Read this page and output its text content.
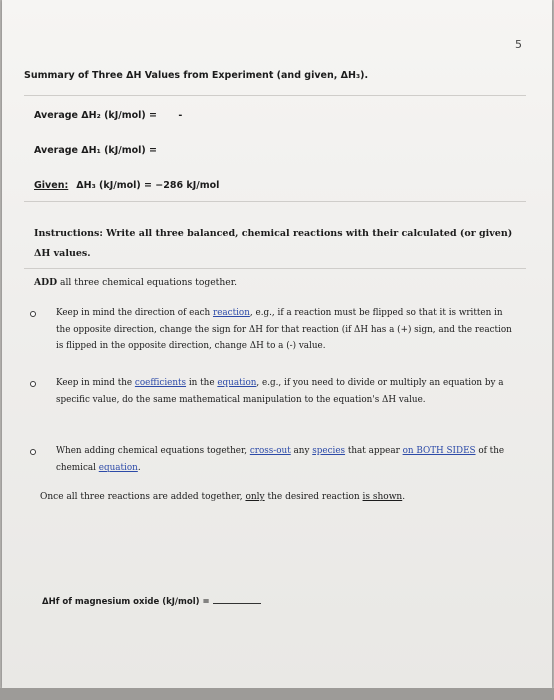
5
Summary of Three ΔH Values from Experiment (and given, ΔH₃).
Average ΔH₂ (kJ/mol) = -
Average ΔH₁ (kJ/mol) =
Given: ΔH₃ (kJ/mol) = −286 kJ/mol
Instructions: Write all three balanced, chemical reactions with their calculated (or given)
ΔH values.
ADD all three chemical equations together.
Keep in mind the direction of each reaction, e.g., if a reaction must be flipped so that it is written in the opposite direction, change the sign for ΔH for that reaction (if ΔH has a (+) sign, and the reaction is flipped in the opposite direction, change ΔH to a (-) value.
Keep in mind the coefficients in the equation, e.g., if you need to divide or multiply an equation by a specific value, do the same mathematical manipulation to the equation's ΔH value.
When adding chemical equations together, cross-out any species that appear on BOTH SIDES of the chemical equation.
Once all three reactions are added together, only the desired reaction is shown.
ΔHf of magnesium oxide (kJ/mol) =
